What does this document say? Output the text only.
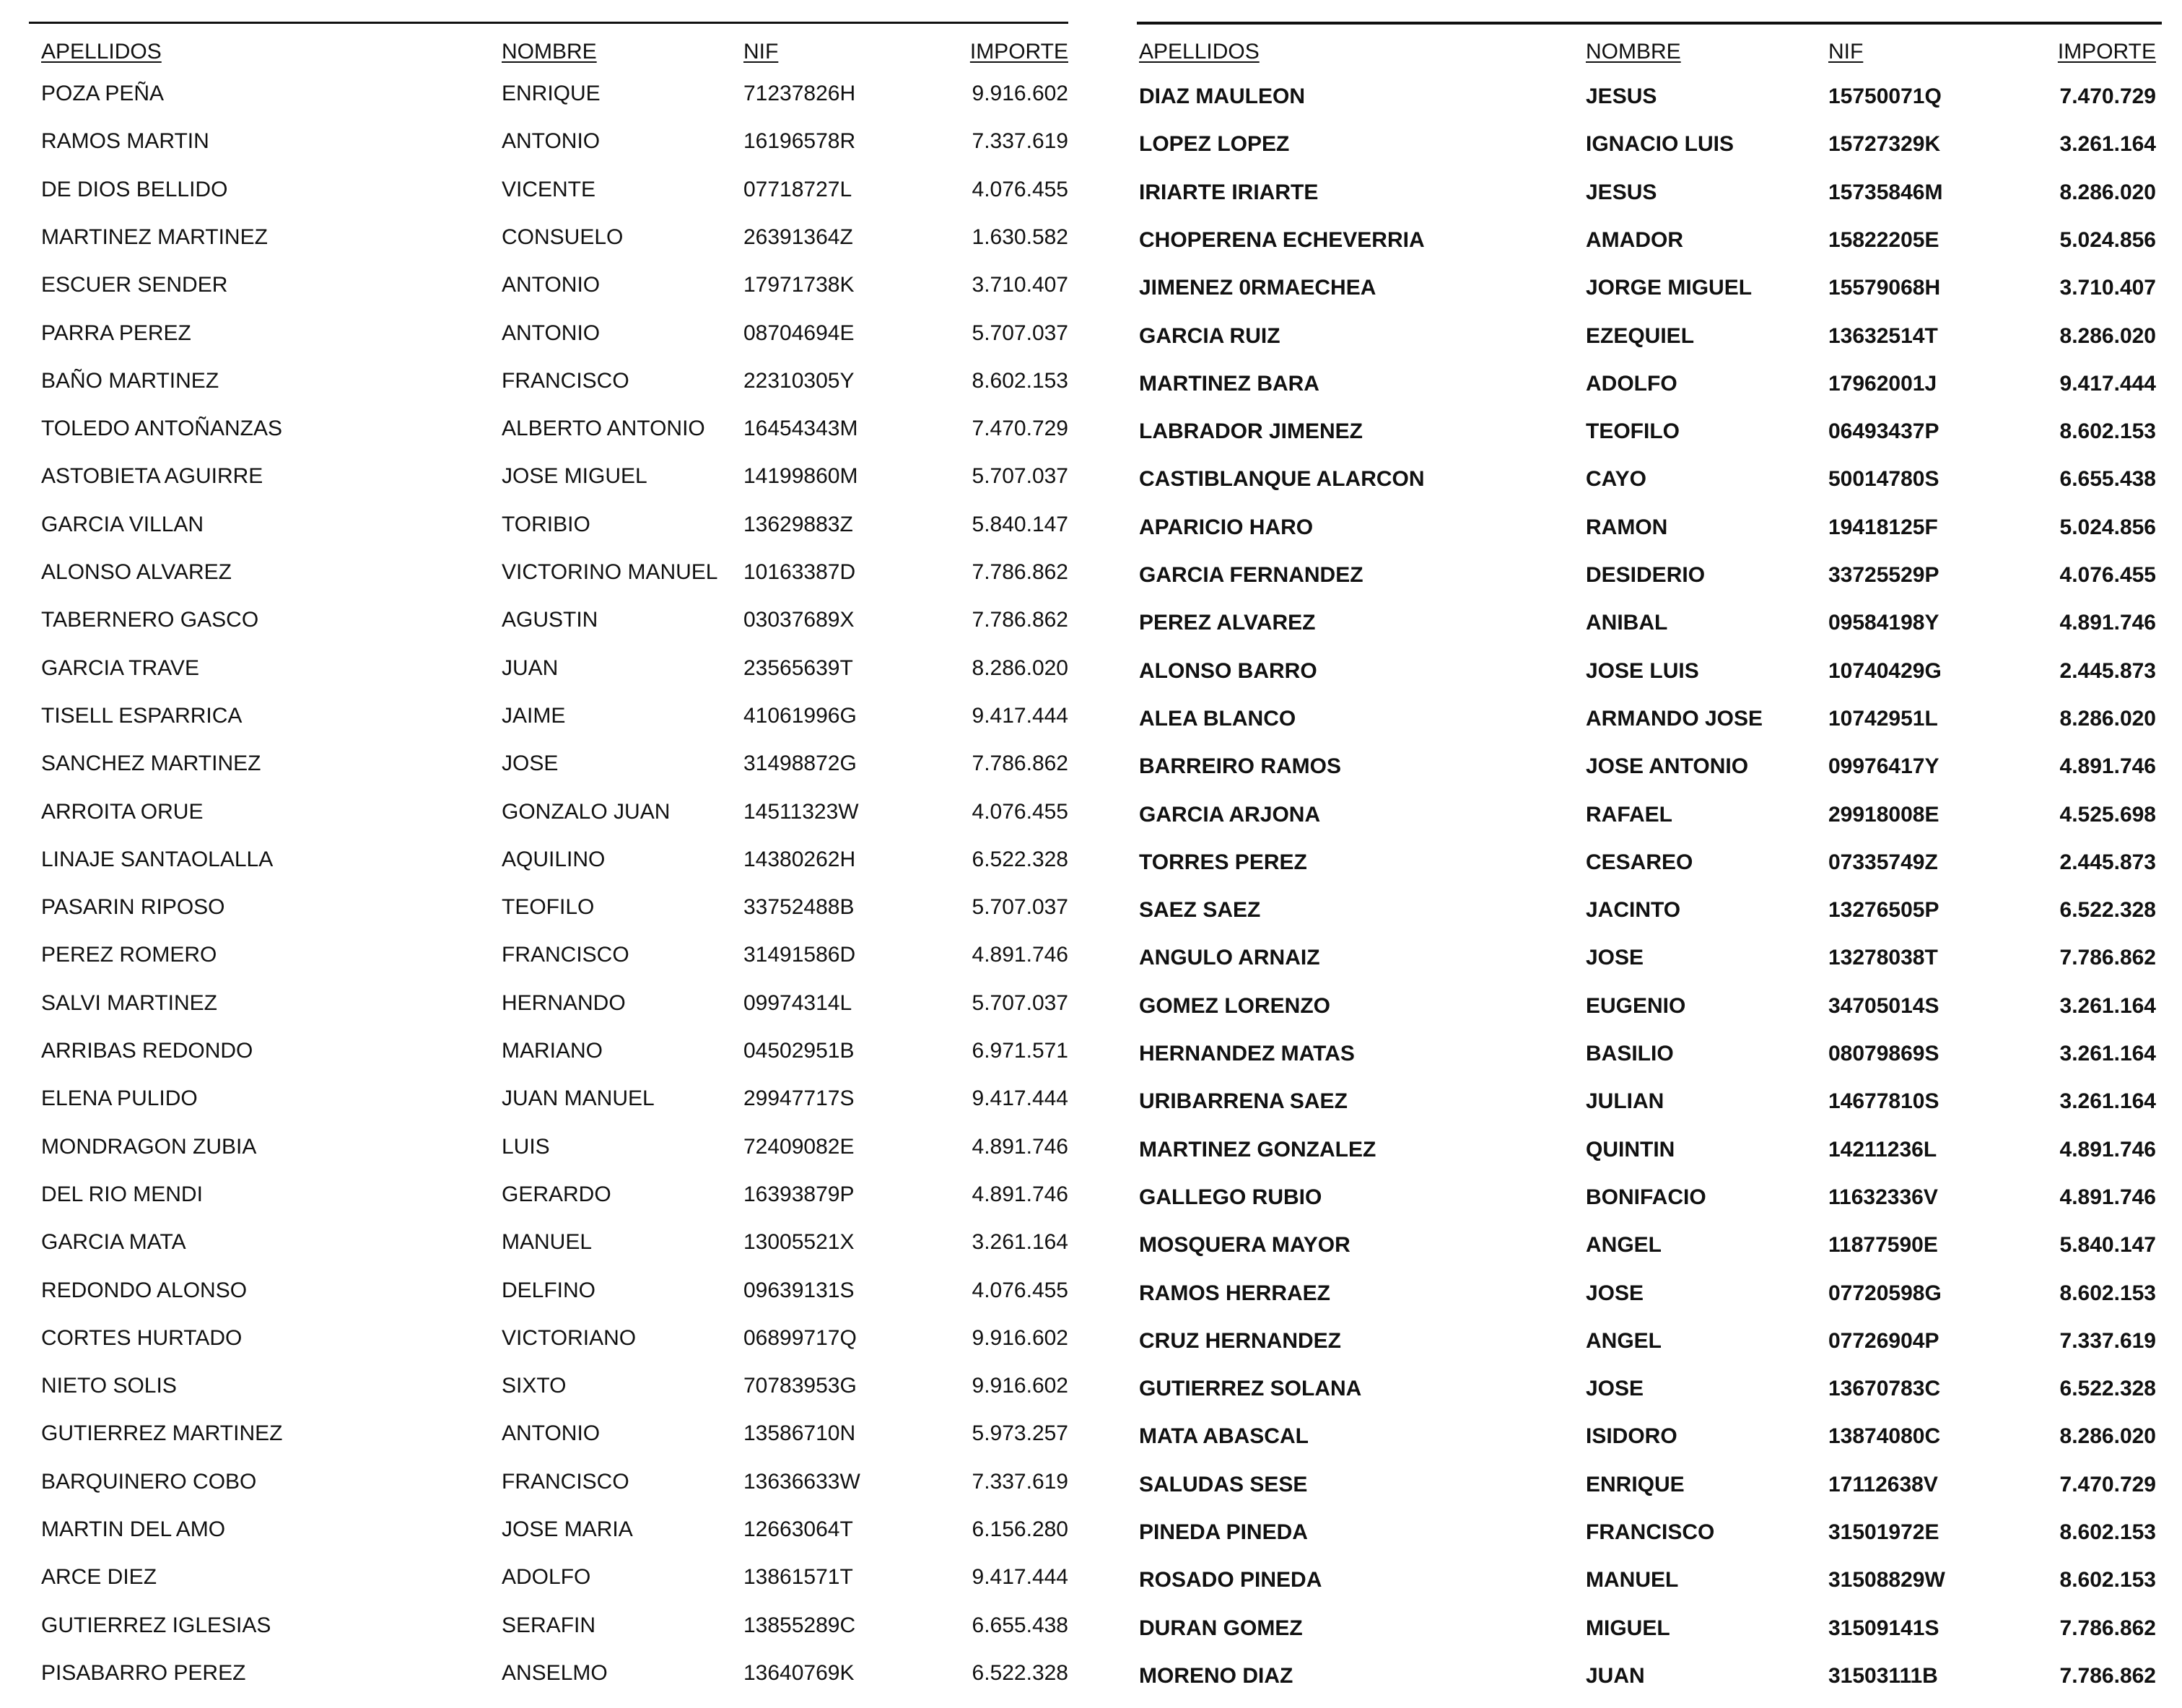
APELLIDOS	NOMBRE	NIF	IMPORTE
POZA PEÑA	ENRIQUE	71237826H	9.916.602
RAMOS MARTIN	ANTONIO	16196578R	7.337.619
DE DIOS BELLIDO	VICENTE	07718727L	4.076.455
MARTINEZ MARTINEZ	CONSUELO	26391364Z	1.630.582
ESCUER SENDER	ANTONIO	17971738K	3.710.407
PARRA PEREZ	ANTONIO	08704694E	5.707.037
BAÑO MARTINEZ	FRANCISCO	22310305Y	8.602.153
TOLEDO ANTOÑANZAS	ALBERTO ANTONIO 16454343M	7.470.729
ASTOBIETA AGUIRRE	JOSE MIGUEL	14199860M	5.707.037
GARCIA VILLAN	TORIBIO	13629883Z	5.840.147
ALONSO ALVAREZ	VICTORINO MANUEL 10163387D	7.786.862
TABERNERO GASCO	AGUSTIN	03037689X	7.786.862
GARCIA TRAVE	JUAN	23565639T	8.286.020
TISELL ESPARRICA	JAIME	41061996G	9.417.444
SANCHEZ MARTINEZ	JOSE	31498872G	7.786.862
ARROITA ORUE	GONZALO JUAN	14511323W	4.076.455
LINAJE SANTAOLALLA	AQUILINO	14380262H	6.522.328
PASARIN RIPOSO	TEOFILO	33752488B	5.707.037
PEREZ ROMERO	FRANCISCO	31491586D	4.891.746
SALVI MARTINEZ	HERNANDO	09974314L	5.707.037
ARRIBAS REDONDO	MARIANO	04502951B	6.971.571
ELENA PULIDO	JUAN MANUEL	29947717S	9.417.444
MONDRAGON ZUBIA	LUIS	72409082E	4.891.746
DEL RIO MENDI	GERARDO	16393879P	4.891.746
GARCIA MATA	MANUEL	13005521X	3.261.164
REDONDO ALONSO	DELFINO	09639131S	4.076.455
CORTES HURTADO	VICTORIANO	06899717Q	9.916.602
NIETO SOLIS	SIXTO	70783953G	9.916.602
GUTIERREZ MARTINEZ	ANTONIO	13586710N	5.973.257
BARQUINERO COBO	FRANCISCO	13636633W	7.337.619
MARTIN DEL AMO	JOSE MARIA	12663064T	6.156.280
ARCE DIEZ	ADOLFO	13861571T	9.417.444
GUTIERREZ IGLESIAS	SERAFIN	13855289C	6.655.438
PISABARRO PEREZ	ANSELMO	13640769K	6.522.328
APELLIDOS	NOMBRE	NIF	IMPORTE
DIAZ MAULEON	JESUS	15750071Q	7.470.729
LOPEZ LOPEZ	IGNACIO LUIS	15727329K	3.261.164
IRIARTE IRIARTE	JESUS	15735846M	8.286.020
CHOPERENA ECHEVERRIA	AMADOR	15822205E	5.024.856
JIMENEZ 0RMAECHEA	JORGE MIGUEL	15579068H	3.710.407
GARCIA RUIZ	EZEQUIEL	13632514T	8.286.020
MARTINEZ BARA	ADOLFO	17962001J	9.417.444
LABRADOR JIMENEZ	TEOFILO	06493437P	8.602.153
CASTIBLANQUE ALARCON	CAYO	50014780S	6.655.438
APARICIO HARO	RAMON	19418125F	5.024.856
GARCIA FERNANDEZ	DESIDERIO	33725529P	4.076.455
PEREZ ALVAREZ	ANIBAL	09584198Y	4.891.746
ALONSO BARRO	JOSE LUIS	10740429G	2.445.873
ALEA BLANCO	ARMANDO JOSE	10742951L	8.286.020
BARREIRO RAMOS	JOSE ANTONIO	09976417Y	4.891.746
GARCIA ARJONA	RAFAEL	29918008E	4.525.698
TORRES PEREZ	CESAREO	07335749Z	2.445.873
SAEZ SAEZ	JACINTO	13276505P	6.522.328
ANGULO ARNAIZ	JOSE	13278038T	7.786.862
GOMEZ LORENZO	EUGENIO	34705014S	3.261.164
HERNANDEZ MATAS	BASILIO	08079869S	3.261.164
URIBARRENA SAEZ	JULIAN	14677810S	3.261.164
MARTINEZ GONZALEZ	QUINTIN	14211236L	4.891.746
GALLEGO RUBIO	BONIFACIO	11632336V	4.891.746
MOSQUERA MAYOR	ANGEL	11877590E	5.840.147
RAMOS HERRAEZ	JOSE	07720598G	8.602.153
CRUZ HERNANDEZ	ANGEL	07726904P	7.337.619
GUTIERREZ SOLANA	JOSE	13670783C	6.522.328
MATA ABASCAL	ISIDORO	13874080C	8.286.020
SALUDAS SESE	ENRIQUE	17112638V	7.470.729
PINEDA PINEDA	FRANCISCO	31501972E	8.602.153
ROSADO PINEDA	MANUEL	31508829W	8.602.153
DURAN GOMEZ	MIGUEL	31509141S	7.786.862
MORENO DIAZ	JUAN	31503111B	7.786.862
